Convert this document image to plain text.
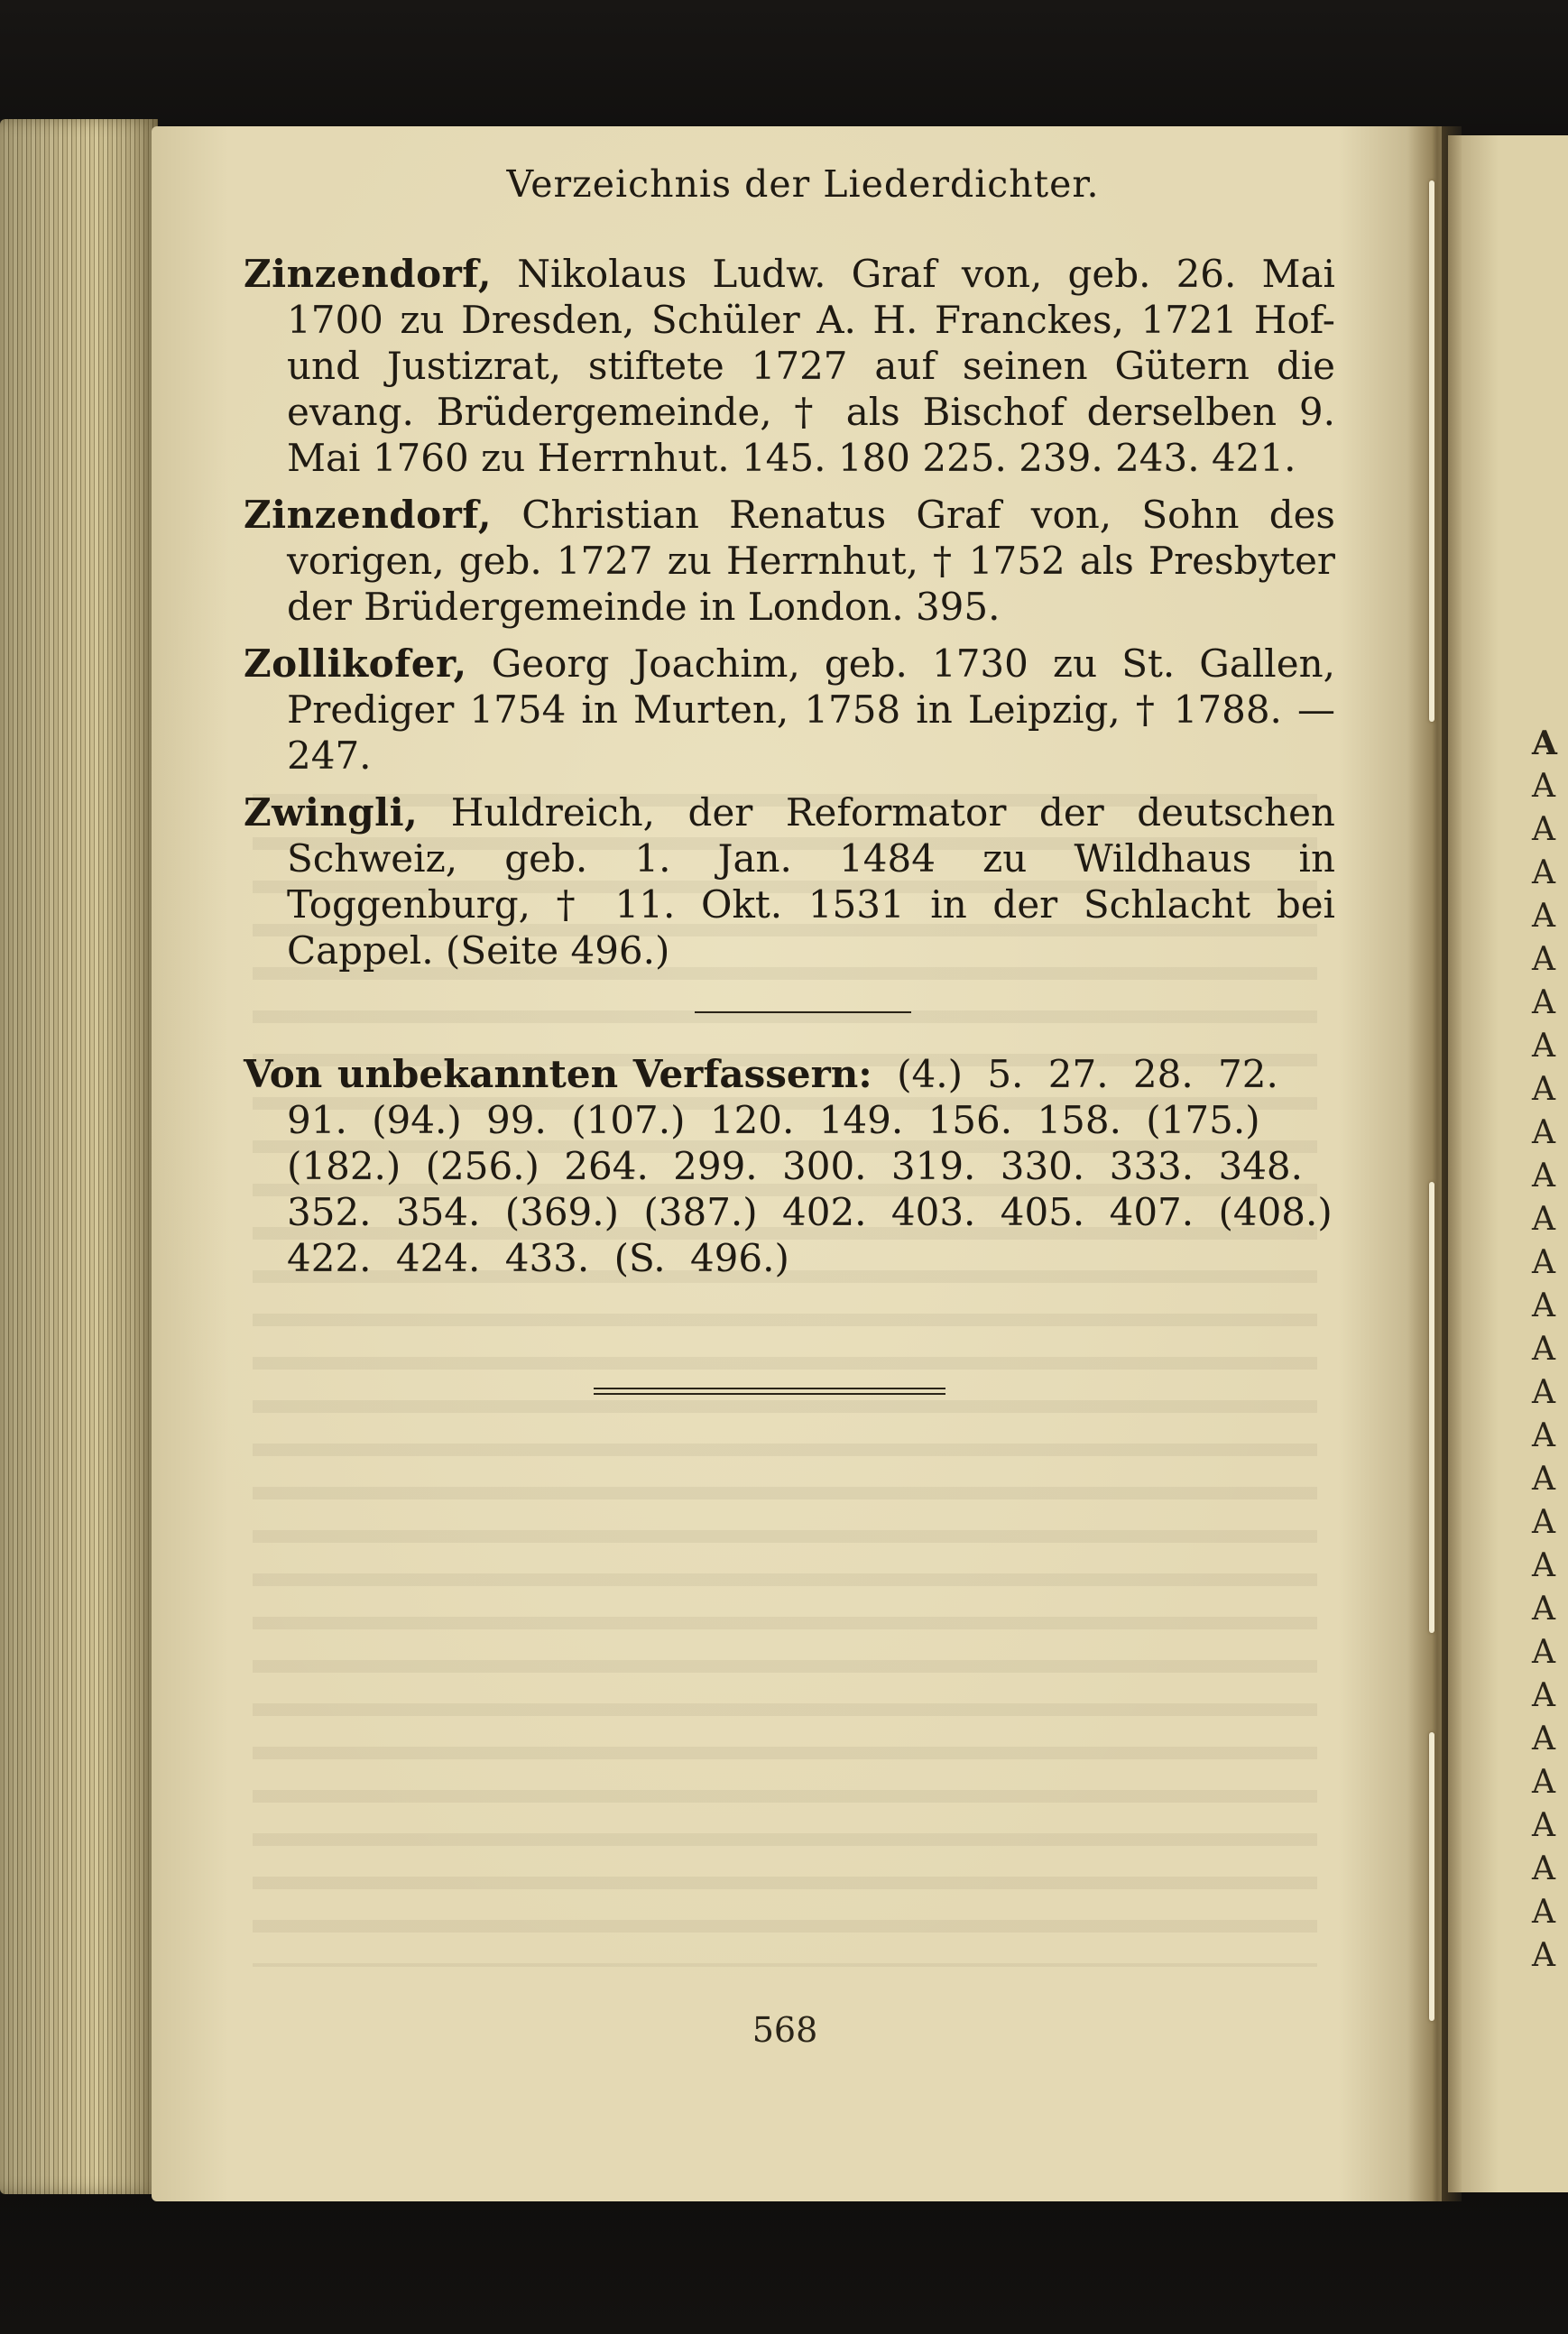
A
A
A
A
A
A
A
A
A
A
A
A
A
A
A
A
A
A
A
A
A
A
A
A
A
A
A
A
A
Verzeichnis der Liederdichter.

Zinzendorf, Nikolaus Ludw. Graf von, geb. 26. Mai 1700 zu Dresden, Schüler A. H. Franckes, 1721 Hof- und Justizrat, stiftete 1727 auf seinen Gütern die evang. Brüdergemeinde, † als Bischof derselben 9. Mai 1760 zu Herrnhut. 145. 180 225. 239. 243. 421.

Zinzendorf, Christian Renatus Graf von, Sohn des vorigen, geb. 1727 zu Herrnhut, † 1752 als Presbyter der Brüdergemeinde in London. 395.

Zollikofer, Georg Joachim, geb. 1730 zu St. Gallen, Prediger 1754 in Murten, 1758 in Leipzig, † 1788. — 247.

Zwingli, Huldreich, der Reformator der deutschen Schweiz, geb. 1. Jan. 1484 zu Wildhaus in Toggenburg, † 11. Okt. 1531 in der Schlacht bei Cappel. (Seite 496.)

Von unbekannten Verfassern: (4.) 5. 27. 28. 72. 91. (94.) 99. (107.) 120. 149. 156. 158. (175.) (182.) (256.) 264. 299. 300. 319. 330. 333. 348. 352. 354. (369.) (387.) 402. 403. 405. 407. (408.) 422. 424. 433. (S. 496.)

568
